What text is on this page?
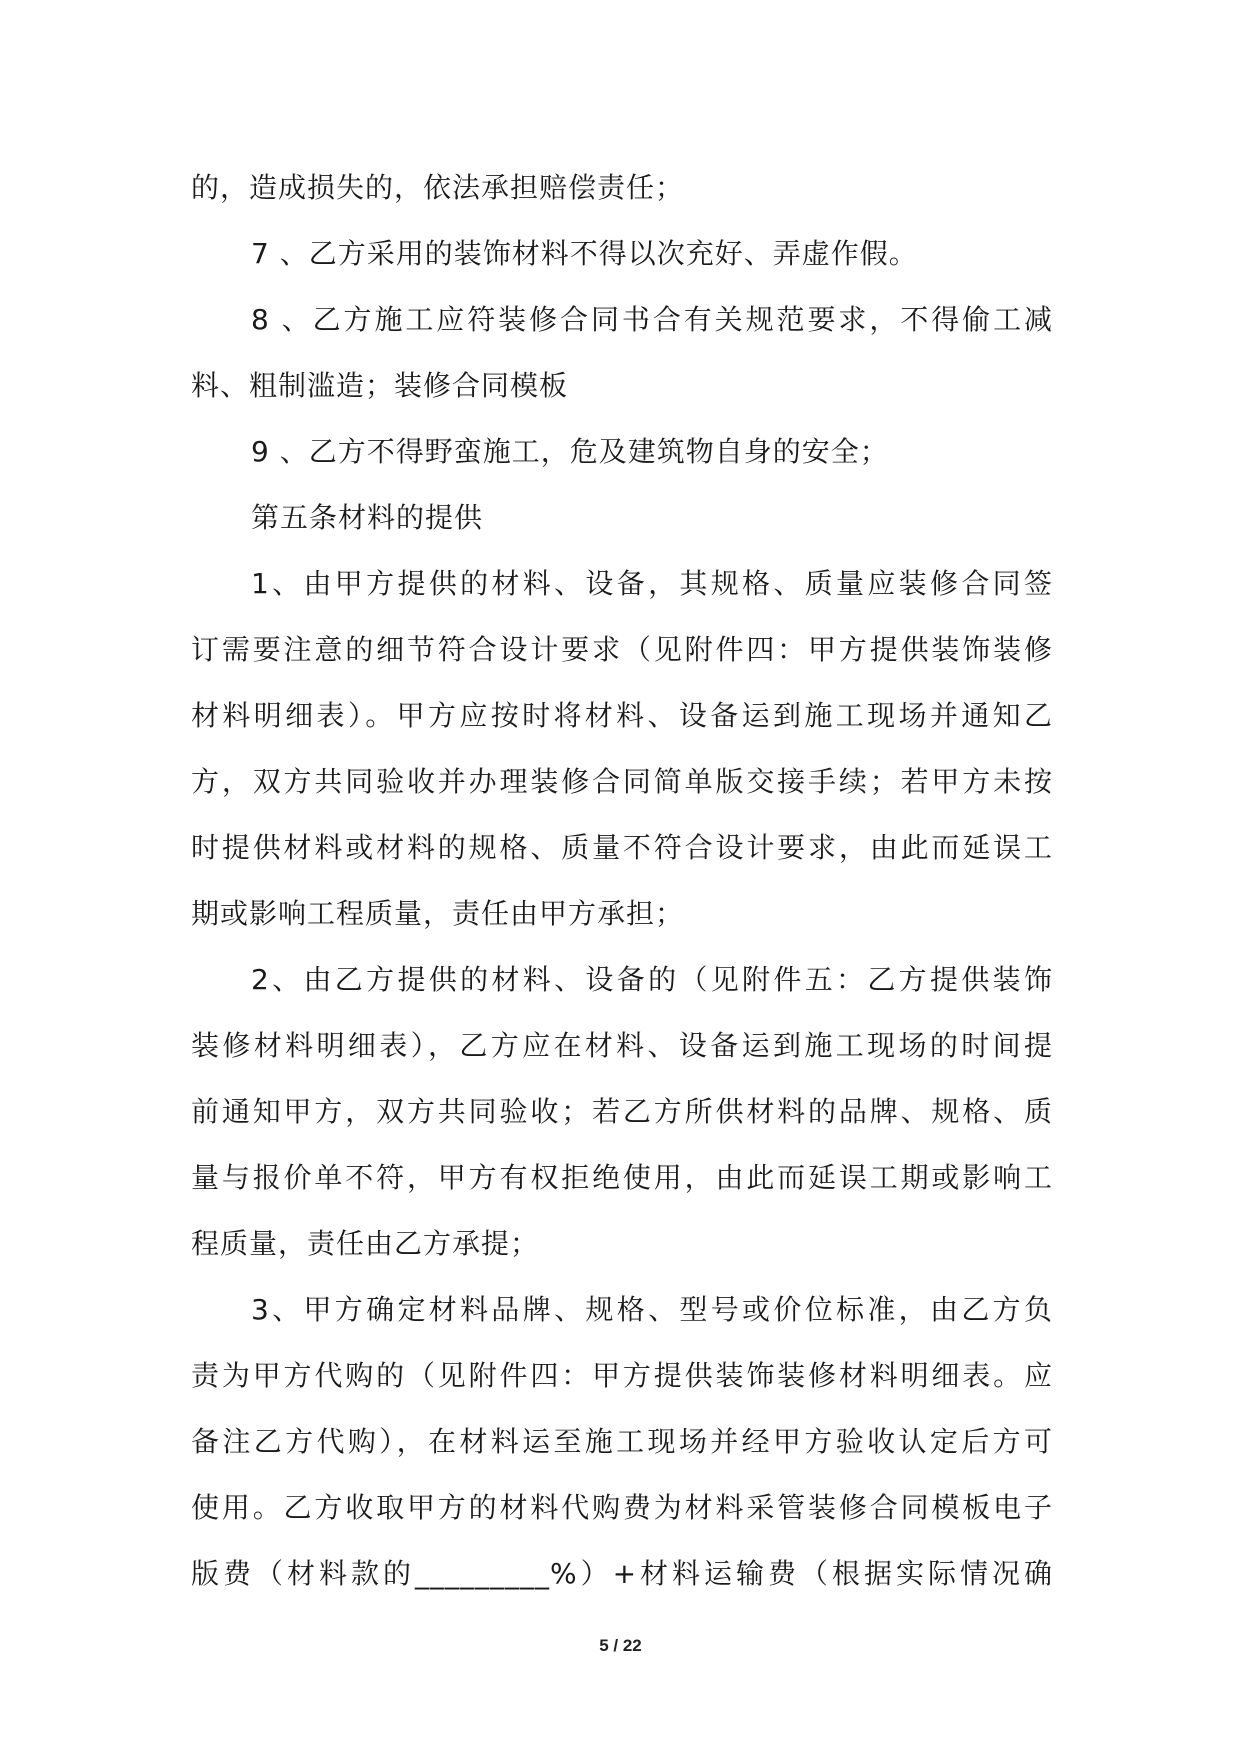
的，造成损失的，依法承担赔偿责任；
7 、乙方采用的装饰材料不得以次充好、弄虚作假。
8 、乙方施工应符装修合同书合有关规范要求，不得偷工减
料、粗制滥造；装修合同模板
9 、乙方不得野蛮施工，危及建筑物自身的安全；
第五条材料的提供
1、由甲方提供的材料、设备，其规格、质量应装修合同签
订需要注意的细节符合设计要求（见附件四：甲方提供装饰装修
材料明细表）。甲方应按时将材料、设备运到施工现场并通知乙
方，双方共同验收并办理装修合同简单版交接手续；若甲方未按
时提供材料或材料的规格、质量不符合设计要求，由此而延误工
期或影响工程质量，责任由甲方承担；
2、由乙方提供的材料、设备的（见附件五：乙方提供装饰
装修材料明细表），乙方应在材料、设备运到施工现场的时间提
前通知甲方，双方共同验收；若乙方所供材料的品牌、规格、质
量与报价单不符，甲方有权拒绝使用，由此而延误工期或影响工
程质量，责任由乙方承提；
3、甲方确定材料品牌、规格、型号或价位标准，由乙方负
责为甲方代购的（见附件四：甲方提供装饰装修材料明细表。应
备注乙方代购），在材料运至施工现场并经甲方验收认定后方可
使用。乙方收取甲方的材料代购费为材料采管装修合同模板电子
版费（材料款的_________%）+材料运输费（根据实际情况确
5 / 22
